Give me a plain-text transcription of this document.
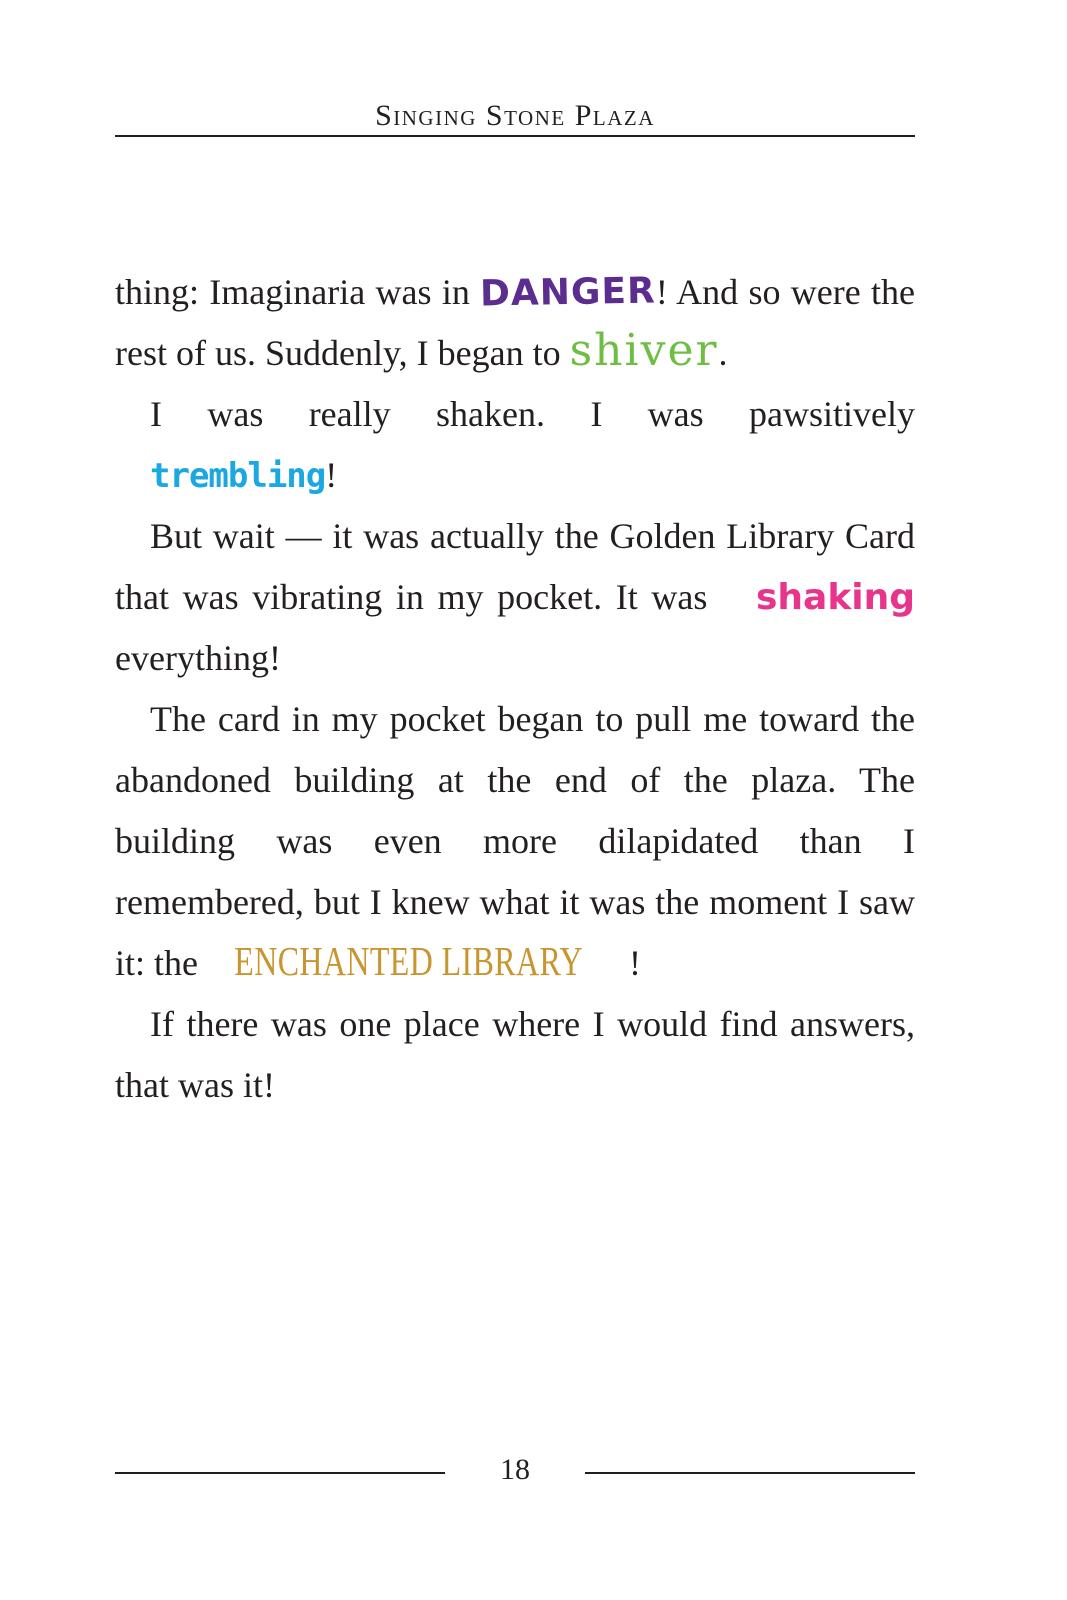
Singing Stone Plaza

thing: Imaginaria was in DANGER! And so were the rest of us. Suddenly, I began to shiver.

I was really shaken. I was pawsitively trembling!

But wait — it was actually the Golden Library Card that was vibrating in my pocket. It was shaking everything!

The card in my pocket began to pull me toward the abandoned building at the end of the plaza. The building was even more dilapidated than I remembered, but I knew what it was the moment I saw it: the ENCHANTED LIBRARY !

If there was one place where I would find answers, that was it!

18
